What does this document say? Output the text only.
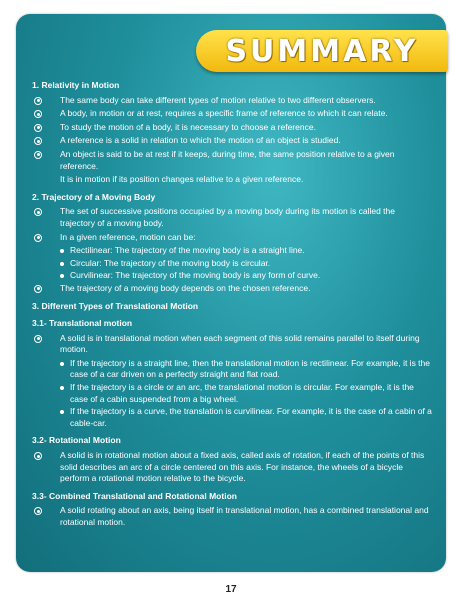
SUMMARY
1. Relativity in Motion
The same body can take different types of motion relative to two different observers.
A body, in motion or at rest, requires a specific frame of reference to which it can relate.
To study the motion of a body, it is necessary to choose a reference.
A reference is a solid in relation to which the motion of an object is studied.
An object is said to be at rest if it keeps, during time, the same position relative to a given reference.
It is in motion if its position changes relative to a given reference.
2. Trajectory of a Moving Body
The set of successive positions occupied by a moving body during its motion is called the trajectory of a moving body.
In a given reference, motion can be:
Rectilinear: The trajectory of the moving body is a straight line.
Circular: The trajectory of the moving body is circular.
Curvilinear: The trajectory of the moving body is any form of curve.
The trajectory of a moving body depends on the chosen reference.
3. Different Types of Translational Motion
3.1- Translational motion
A solid is in translational motion when each segment of this solid remains parallel to itself during motion.
If the trajectory is a straight line, then the translational motion is rectilinear. For example, it is the case of a car driven on a perfectly straight and flat road.
If the trajectory is a circle or an arc, the translational motion is circular. For example, it is the case of a cabin suspended from a big wheel.
If the trajectory is a curve, the translation is curvilinear. For example, it is the case of a cabin of a cable-car.
3.2- Rotational Motion
A solid is in rotational motion about a fixed axis, called axis of rotation, if each of the points of this solid describes an arc of a circle centered on this axis. For instance, the wheels of a bicycle perform a rotational motion relative to the bicycle.
3.3- Combined Translational and Rotational Motion
A solid rotating about an axis, being itself in translational motion, has a combined translational and rotational motion.
17
